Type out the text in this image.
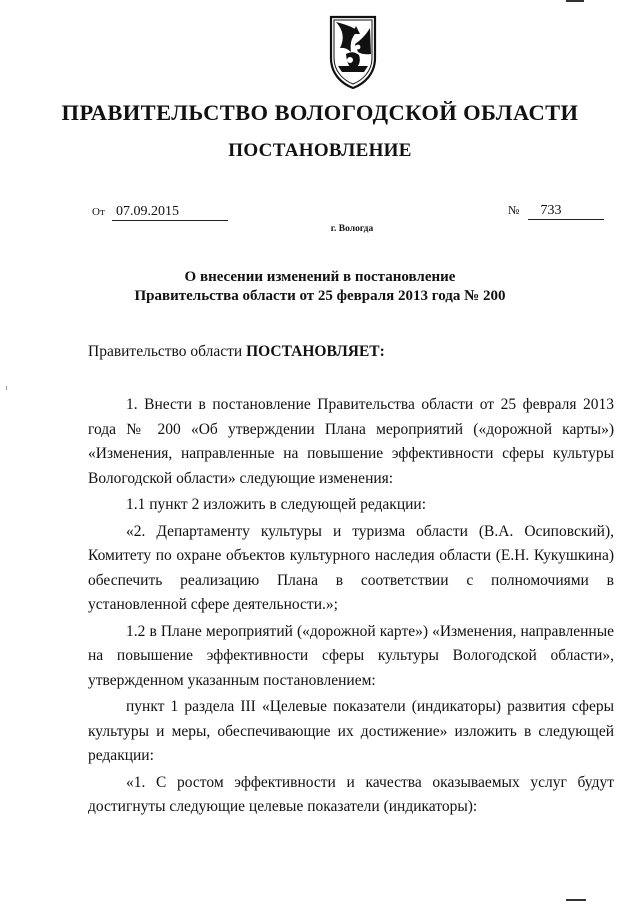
ПРАВИТЕЛЬСТВО ВОЛОГОДСКОЙ ОБЛАСТИ
ПОСТАНОВЛЕНИЕ
От 07.09.2015	№ 733
г. Вологда
О внесении изменений в постановление
Правительства области от 25 февраля 2013 года № 200

Правительство области ПОСТАНОВЛЯЕТ:

1. Внести в постановление Правительства области от 25 февраля 2013 года № 200 «Об утверждении Плана мероприятий («дорожной карты») «Изменения, направленные на повышение эффективности сферы культуры Вологодской области» следующие изменения:

1.1 пункт 2 изложить в следующей редакции:

«2. Департаменту культуры и туризма области (В.А. Осиповский), Комитету по охране объектов культурного наследия области (Е.Н. Кукушкина) обеспечить реализацию Плана в соответствии с полномочиями в установленной сфере деятельности.»;

1.2 в Плане мероприятий («дорожной карте») «Изменения, направленные на повышение эффективности сферы культуры Вологодской области», утвержденном указанным постановлением:

пункт 1 раздела III «Целевые показатели (индикаторы) развития сферы культуры и меры, обеспечивающие их достижение» изложить в следующей редакции:

«1. С ростом эффективности и качества оказываемых услуг будут достигнуты следующие целевые показатели (индикаторы):
